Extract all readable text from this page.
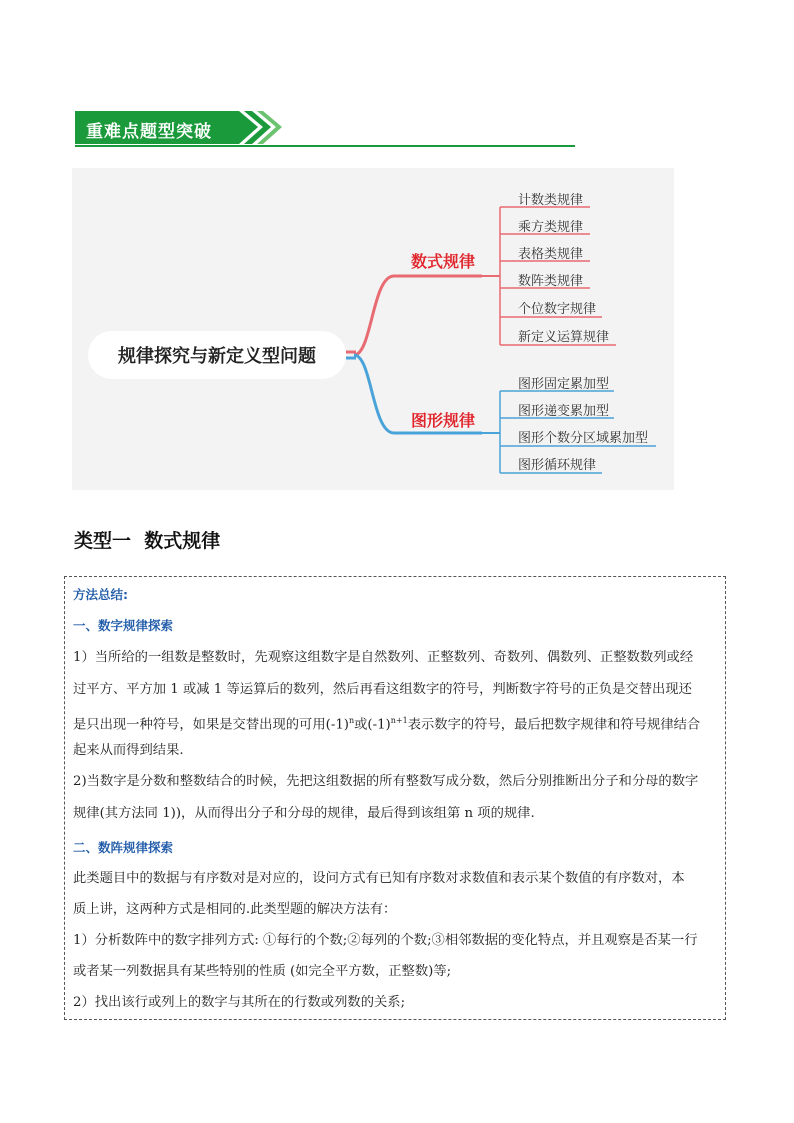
重难点题型突破
规律探究与新定义型问题
数式规律
图形规律
计数类规律
乘方类规律
表格类规律
数阵类规律
个位数字规律
新定义运算规律
图形固定累加型
图形递变累加型
图形个数分区域累加型
图形循环规律
类型一  数式规律
方法总结:
一、数字规律探索
1）当所给的一组数是整数时，先观察这组数字是自然数列、正整数列、奇数列、偶数列、正整数数列或经
过平方、平方加 1 或减 1 等运算后的数列，然后再看这组数字的符号，判断数字符号的正负是交替出现还
是只出现一种符号，如果是交替出现的可用$(-1)^n$或$(-1)^{n+1}$表示数字的符号，最后把数字规律和符号规律结合
起来从而得到结果.
2)当数字是分数和整数结合的时候，先把这组数据的所有整数写成分数，然后分别推断出分子和分母的数字
规律(其方法同 1))，从而得出分子和分母的规律，最后得到该组第 n 项的规律.
二、数阵规律探索
此类题目中的数据与有序数对是对应的，设问方式有已知有序数对求数值和表示某个数值的有序数对，本
质上讲，这两种方式是相同的.此类型题的解决方法有：
1）分析数阵中的数字排列方式: ①每行的个数;②每列的个数;③相邻数据的变化特点，并且观察是否某一行
或者某一列数据具有某些特别的性质 (如完全平方数，正整数)等;
2）找出该行或列上的数字与其所在的行数或列数的关系;
